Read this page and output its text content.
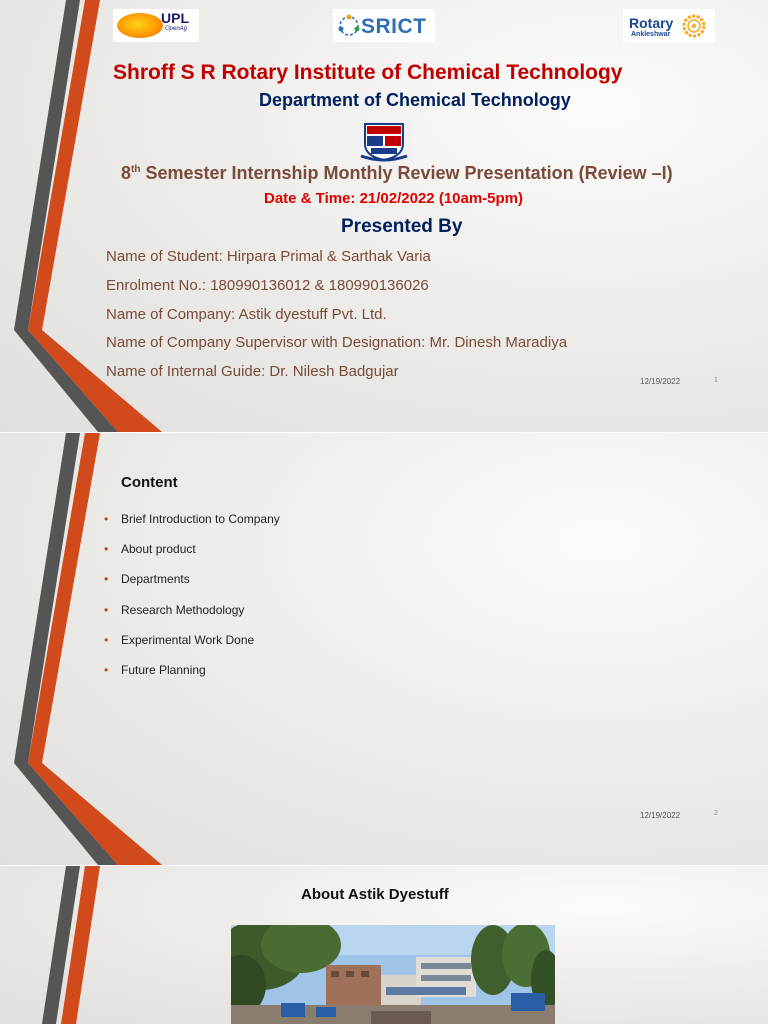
UPL
OpenAg	SRICT	Rotary
Ankleshwar
Shroff S R Rotary Institute of Chemical Technology
Department of Chemical Technology
8th Semester Internship Monthly Review Presentation (Review –I)
Date & Time: 21/02/2022 (10am-5pm)
Presented By
Name of Student: Hirpara Primal & Sarthak Varia
Enrolment No.: 180990136012 & 180990136026
Name of Company: Astik dyestuff Pvt. Ltd.
Name of Company Supervisor with Designation: Mr. Dinesh Maradiya
Name of Internal Guide: Dr. Nilesh Badgujar
12/19/2022	1
Content
• Brief Introduction to Company
• About product
• Departments
• Research Methodology
• Experimental Work Done
• Future Planning
12/19/2022	2
About Astik Dyestuff
